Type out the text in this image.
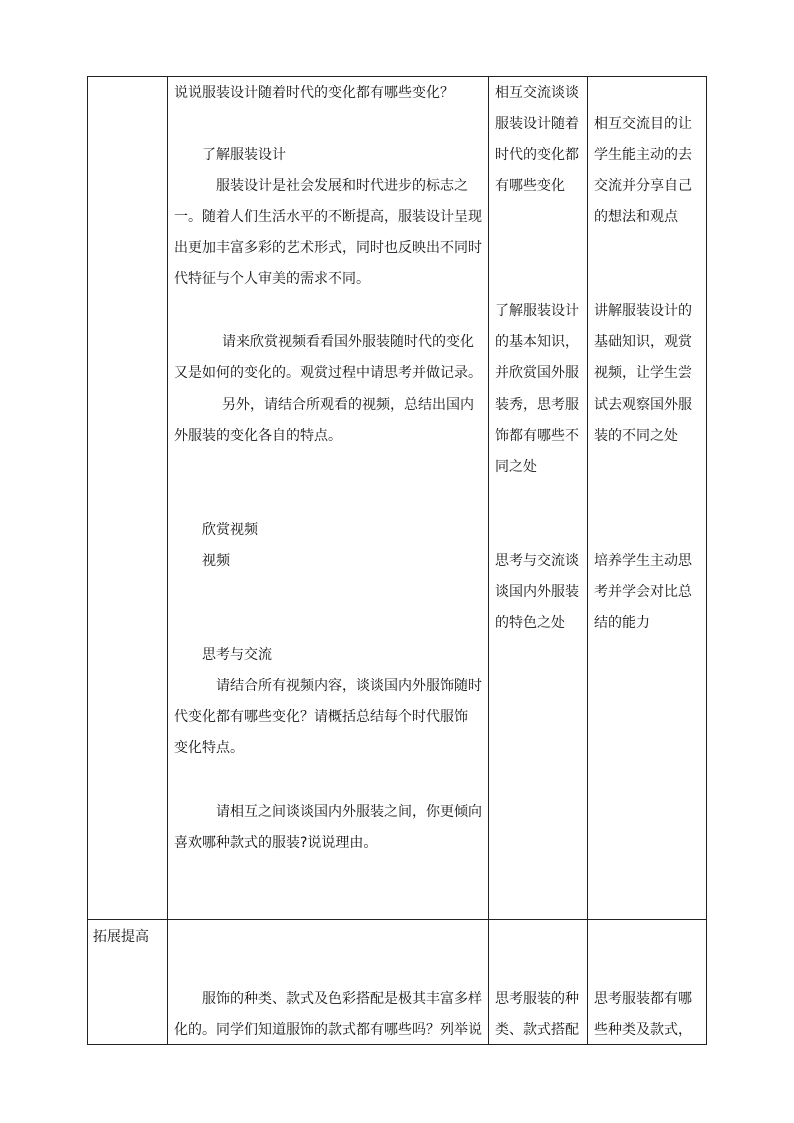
说说服装设计随着时代的变化都有哪些变化？
了解服装设计
服装设计是社会发展和时代进步的标志之
一。随着人们生活水平的不断提高，服装设计呈现
出更加丰富多彩的艺术形式，同时也反映出不同时
代特征与个人审美的需求不同。
请来欣赏视频看看国外服装随时代的变化
又是如何的变化的。观赏过程中请思考并做记录。
另外，请结合所观看的视频，总结出国内
外服装的变化各自的特点。
欣赏视频
视频
思考与交流
请结合所有视频内容，谈谈国内外服饰随时
代变化都有哪些变化？请概括总结每个时代服饰
变化特点。
请相互之间谈谈国内外服装之间，你更倾向
喜欢哪种款式的服装?说说理由。
相互交流谈谈
服装设计随着
时代的变化都
有哪些变化
了解服装设计
的基本知识，
并欣赏国外服
装秀，思考服
饰都有哪些不
同之处
思考与交流谈
谈国内外服装
的特色之处
相互交流目的让
学生能主动的去
交流并分享自己
的想法和观点
讲解服装设计的
基础知识，观赏
视频，让学生尝
试去观察国外服
装的不同之处
培养学生主动思
考并学会对比总
结的能力
拓展提高
服饰的种类、款式及色彩搭配是极其丰富多样
化的。同学们知道服饰的款式都有哪些吗？列举说
思考服装的种
类、款式搭配
思考服装都有哪
些种类及款式，
